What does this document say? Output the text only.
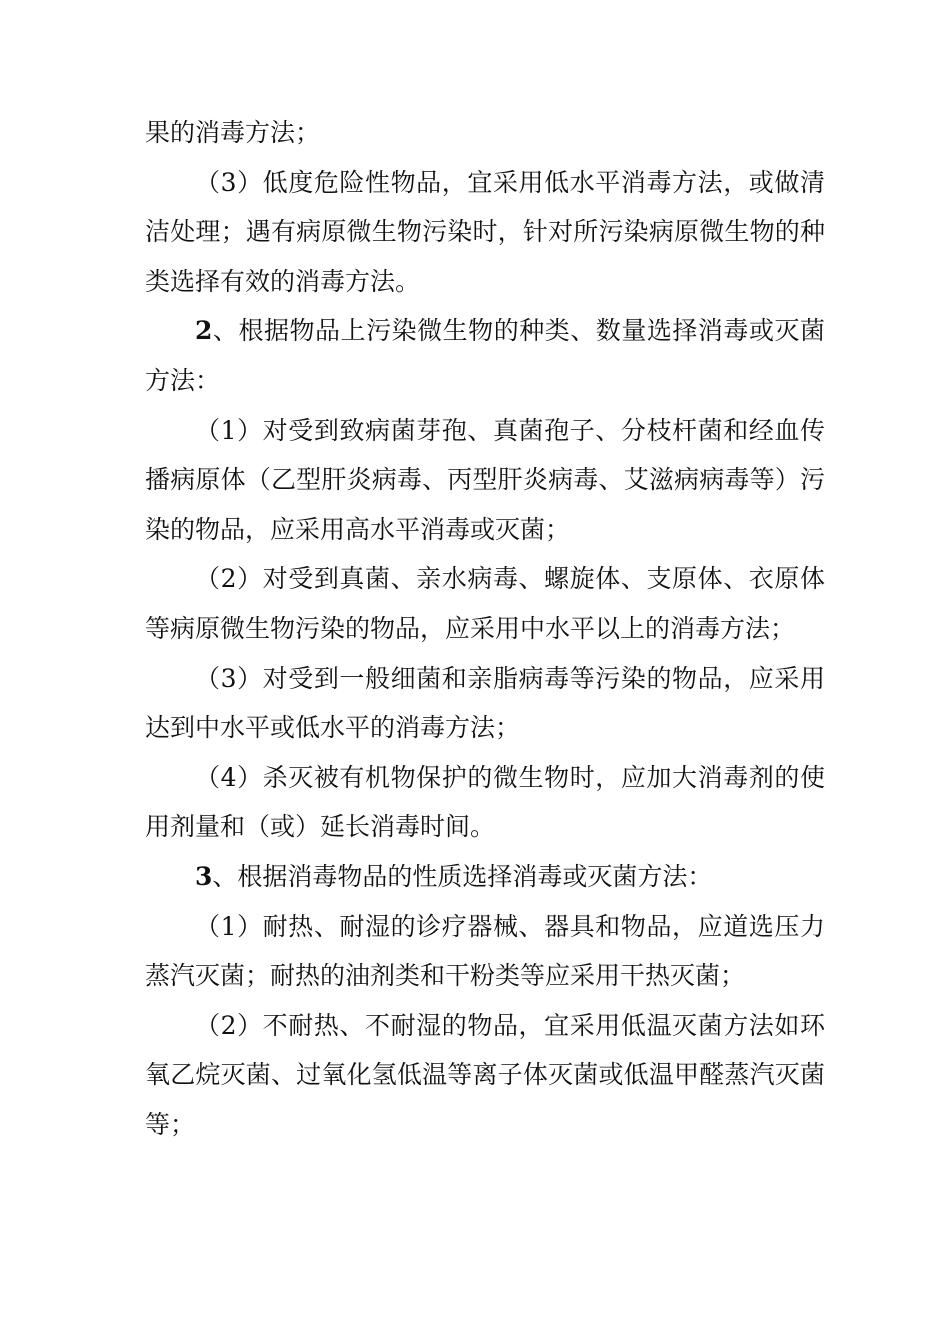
果的消毒方法；

（3）低度危险性物品，宜采用低水平消毒方法，或做清洁处理；遇有病原微生物污染时，针对所污染病原微生物的种类选择有效的消毒方法。

2、根据物品上污染微生物的种类、数量选择消毒或灭菌方法：

（1）对受到致病菌芽孢、真菌孢子、分枝杆菌和经血传播病原体（乙型肝炎病毒、丙型肝炎病毒、艾滋病病毒等）污染的物品，应采用高水平消毒或灭菌；

（2）对受到真菌、亲水病毒、螺旋体、支原体、衣原体等病原微生物污染的物品，应采用中水平以上的消毒方法；

（3）对受到一般细菌和亲脂病毒等污染的物品，应采用达到中水平或低水平的消毒方法；

（4）杀灭被有机物保护的微生物时，应加大消毒剂的使用剂量和（或）延长消毒时间。

3、根据消毒物品的性质选择消毒或灭菌方法：

（1）耐热、耐湿的诊疗器械、器具和物品，应道选压力蒸汽灭菌；耐热的油剂类和干粉类等应采用干热灭菌；

（2）不耐热、不耐湿的物品，宜采用低温灭菌方法如环氧乙烷灭菌、过氧化氢低温等离子体灭菌或低温甲醛蒸汽灭菌等；
